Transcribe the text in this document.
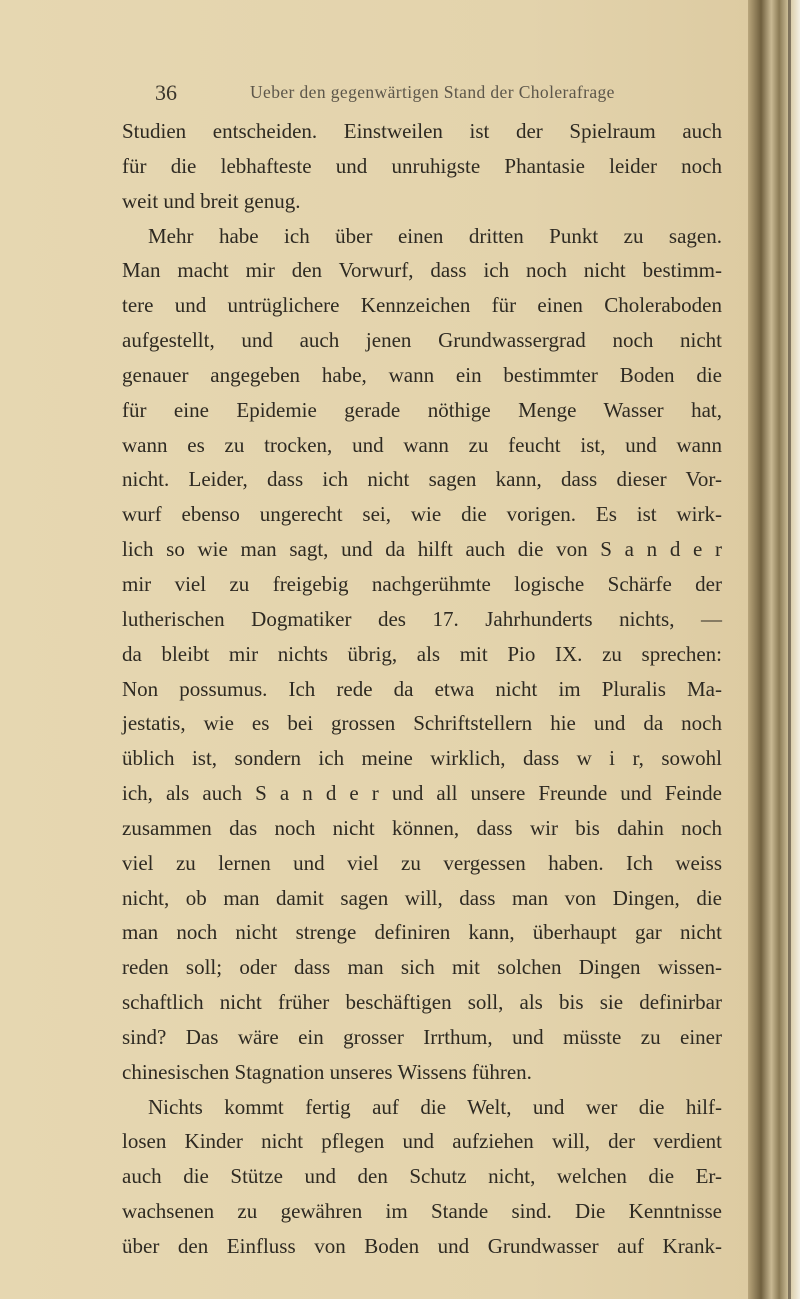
36	Ueber den gegenwärtigen Stand der Cholerafrage
Studien entscheiden. Einstweilen ist der Spielraum auch
für die lebhafteste und unruhigste Phantasie leider noch
weit und breit genug.
Mehr habe ich über einen dritten Punkt zu sagen.
Man macht mir den Vorwurf, dass ich noch nicht bestimm-
tere und untrüglichere Kennzeichen für einen Choleraboden
aufgestellt, und auch jenen Grundwassergrad noch nicht
genauer angegeben habe, wann ein bestimmter Boden die
für eine Epidemie gerade nöthige Menge Wasser hat,
wann es zu trocken, und wann zu feucht ist, und wann
nicht. Leider, dass ich nicht sagen kann, dass dieser Vor-
wurf ebenso ungerecht sei, wie die vorigen. Es ist wirk-
lich so wie man sagt, und da hilft auch die von S a n d e r
mir viel zu freigebig nachgerühmte logische Schärfe der
lutherischen Dogmatiker des 17. Jahrhunderts nichts, —
da bleibt mir nichts übrig, als mit Pio IX. zu sprechen:
Non possumus. Ich rede da etwa nicht im Pluralis Ma-
jestatis, wie es bei grossen Schriftstellern hie und da noch
üblich ist, sondern ich meine wirklich, dass w i r, sowohl
ich, als auch S a n d e r und all unsere Freunde und Feinde
zusammen das noch nicht können, dass wir bis dahin noch
viel zu lernen und viel zu vergessen haben. Ich weiss
nicht, ob man damit sagen will, dass man von Dingen, die
man noch nicht strenge definiren kann, überhaupt gar nicht
reden soll; oder dass man sich mit solchen Dingen wissen-
schaftlich nicht früher beschäftigen soll, als bis sie definirbar
sind? Das wäre ein grosser Irrthum, und müsste zu einer
chinesischen Stagnation unseres Wissens führen.
Nichts kommt fertig auf die Welt, und wer die hilf-
losen Kinder nicht pflegen und aufziehen will, der verdient
auch die Stütze und den Schutz nicht, welchen die Er-
wachsenen zu gewähren im Stande sind. Die Kenntnisse
über den Einfluss von Boden und Grundwasser auf Krank-
